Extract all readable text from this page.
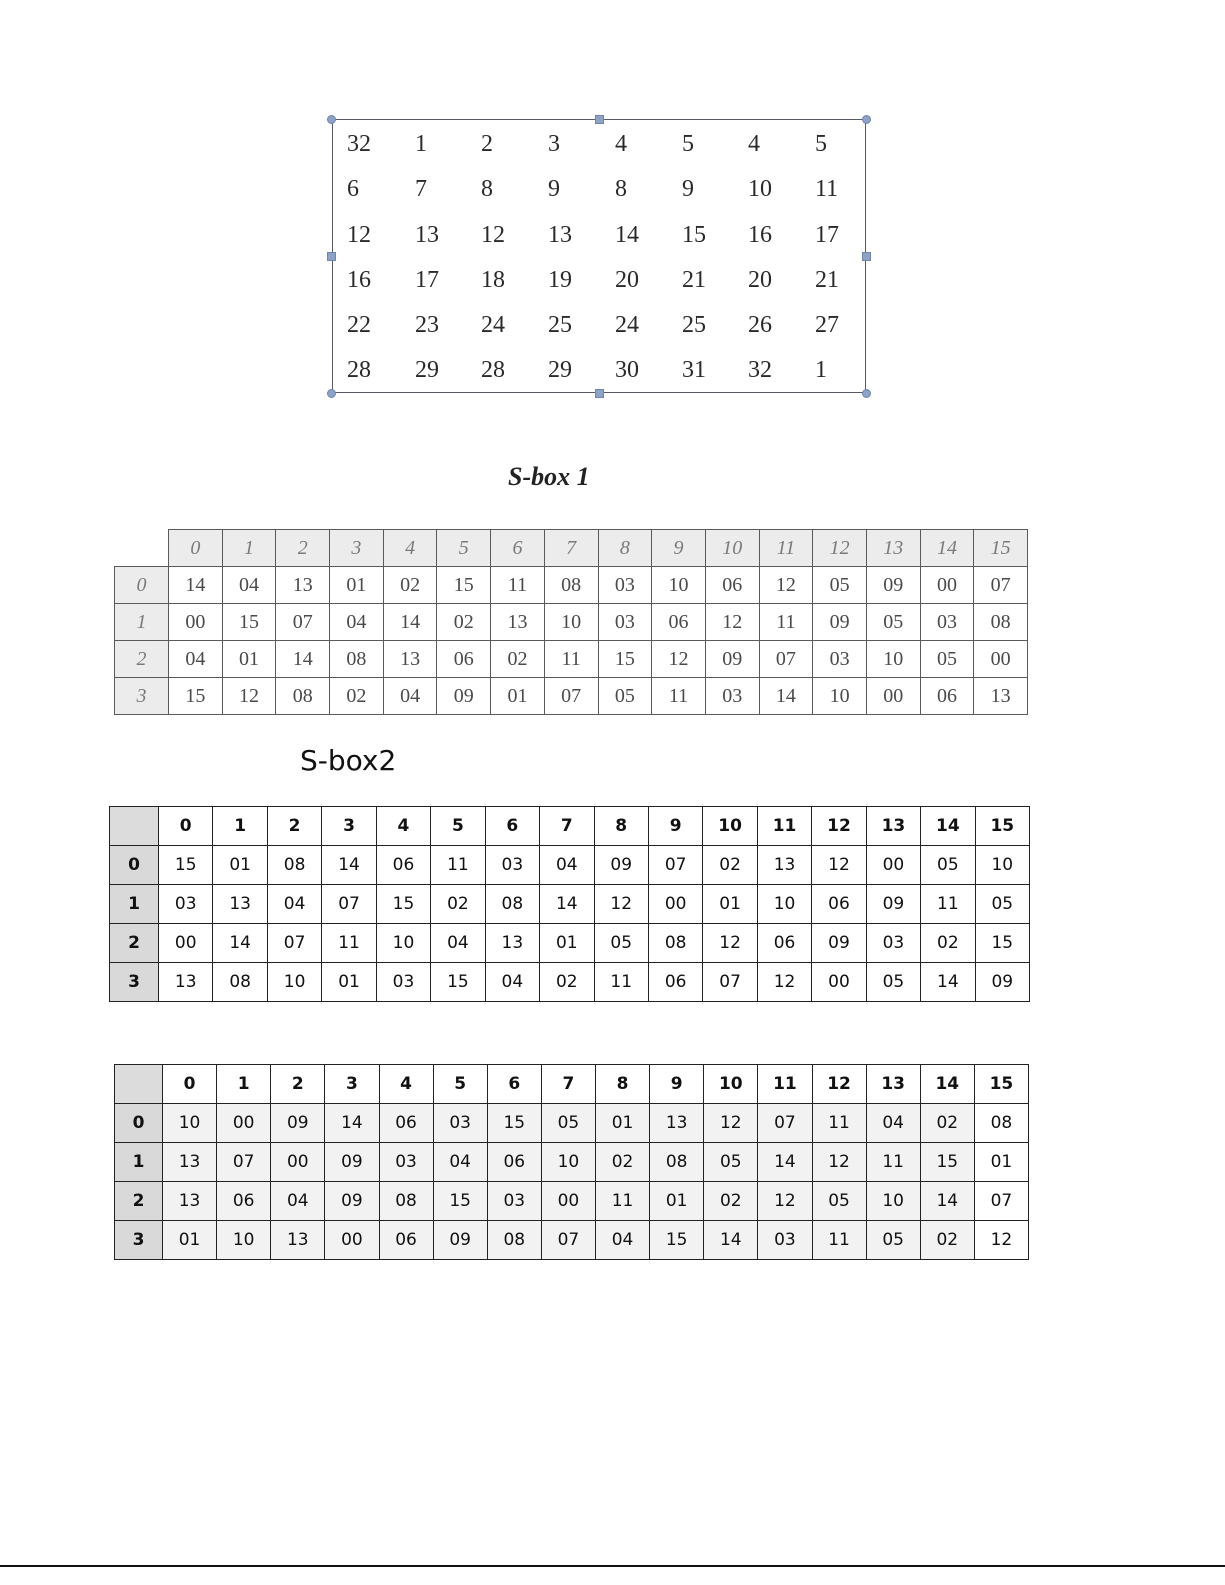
32 1 2 3 4 5 4 5
6 7 8 9 8 9 10 11
12 13 12 13 14 15 16 17
16 17 18 19 20 21 20 21
22 23 24 25 24 25 26 27
28 29 28 29 30 31 32 1
S-box 1
	0	1	2	3	4	5	6	7	8	9	10	11	12	13	14	15
0	14	04	13	01	02	15	11	08	03	10	06	12	05	09	00	07
1	00	15	07	04	14	02	13	10	03	06	12	11	09	05	03	08
2	04	01	14	08	13	06	02	11	15	12	09	07	03	10	05	00
3	15	12	08	02	04	09	01	07	05	11	03	14	10	00	06	13
S-box2
	0	1	2	3	4	5	6	7	8	9	10	11	12	13	14	15
0	15	01	08	14	06	11	03	04	09	07	02	13	12	00	05	10
1	03	13	04	07	15	02	08	14	12	00	01	10	06	09	11	05
2	00	14	07	11	10	04	13	01	05	08	12	06	09	03	02	15
3	13	08	10	01	03	15	04	02	11	06	07	12	00	05	14	09
	0	1	2	3	4	5	6	7	8	9	10	11	12	13	14	15
0	10	00	09	14	06	03	15	05	01	13	12	07	11	04	02	08
1	13	07	00	09	03	04	06	10	02	08	05	14	12	11	15	01
2	13	06	04	09	08	15	03	00	11	01	02	12	05	10	14	07
3	01	10	13	00	06	09	08	07	04	15	14	03	11	05	02	12
